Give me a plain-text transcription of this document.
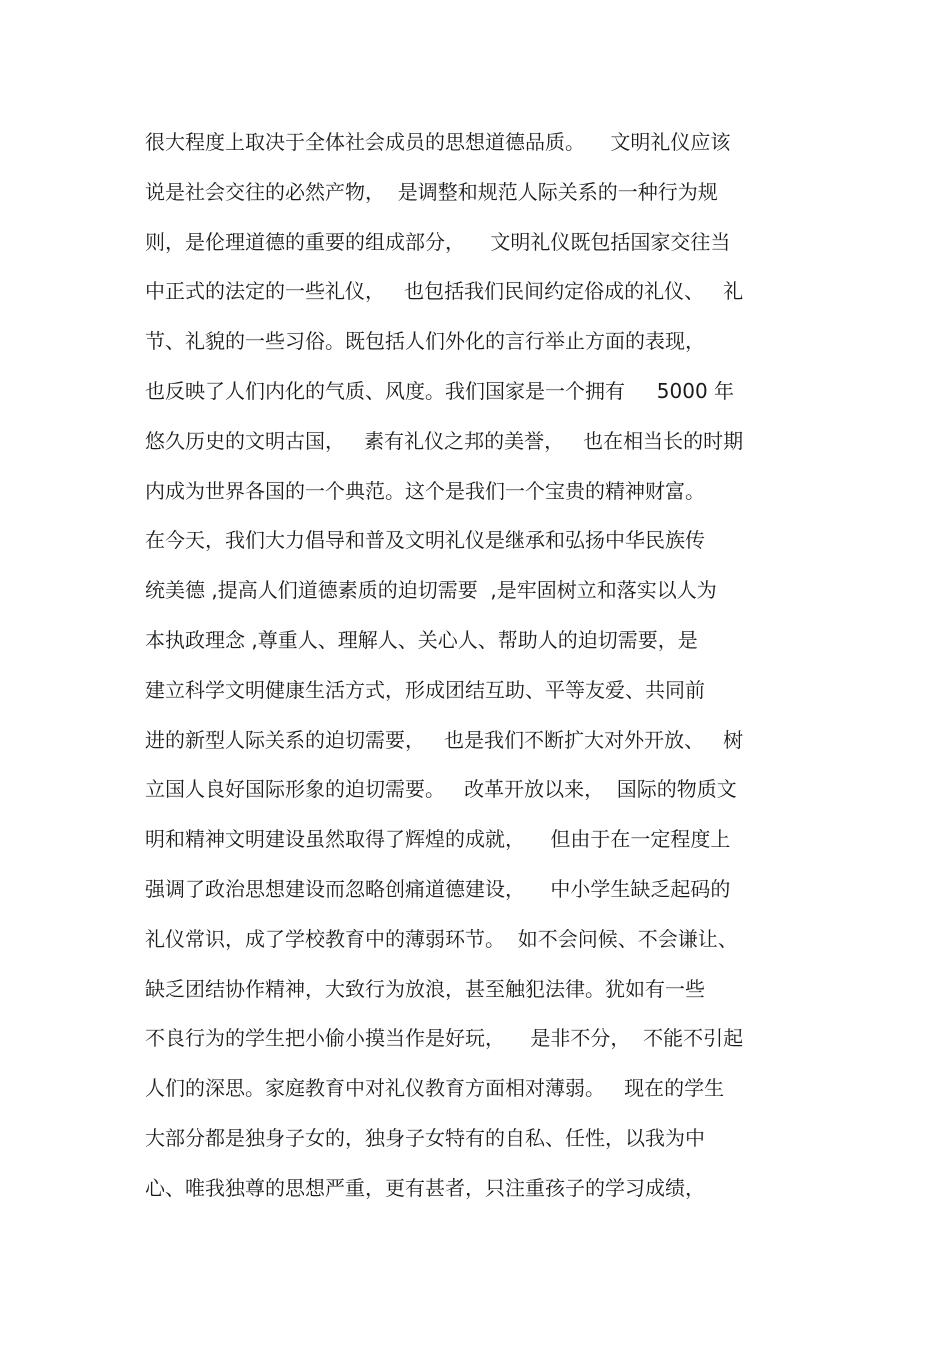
很大程度上取决于全体社会成员的思想道德品质。    文明礼仪应该
说是社会交往的必然产物，  是调整和规范人际关系的一种行为规
则，是伦理道德的重要的组成部分，    文明礼仪既包括国家交往当
中正式的法定的一些礼仪，   也包括我们民间约定俗成的礼仪、   礼
节、礼貌的一些习俗。既包括人们外化的言行举止方面的表现，
也反映了人们内化的气质、风度。我们国家是一个拥有     5000 年
悠久历史的文明古国，   素有礼仪之邦的美誉，   也在相当长的时期
内成为世界各国的一个典范。这个是我们一个宝贵的精神财富。
在今天，我们大力倡导和普及文明礼仪是继承和弘扬中华民族传
统美德 ,提高人们道德素质的迫切需要  ,是牢固树立和落实以人为
本执政理念 ,尊重人、理解人、关心人、帮助人的迫切需要，是
建立科学文明健康生活方式，形成团结互助、平等友爱、共同前
进的新型人际关系的迫切需要，   也是我们不断扩大对外开放、   树
立国人良好国际形象的迫切需要。   改革开放以来，  国际的物质文
明和精神文明建设虽然取得了辉煌的成就，    但由于在一定程度上
强调了政治思想建设而忽略创痛道德建设，    中小学生缺乏起码的
礼仪常识，成了学校教育中的薄弱环节。  如不会问候、不会谦让、
缺乏团结协作精神，大致行为放浪，甚至触犯法律。犹如有一些
不良行为的学生把小偷小摸当作是好玩，    是非不分，  不能不引起
人们的深思。家庭教育中对礼仪教育方面相对薄弱。   现在的学生
大部分都是独身子女的，独身子女特有的自私、任性，以我为中
心、唯我独尊的思想严重，更有甚者，只注重孩子的学习成绩，
